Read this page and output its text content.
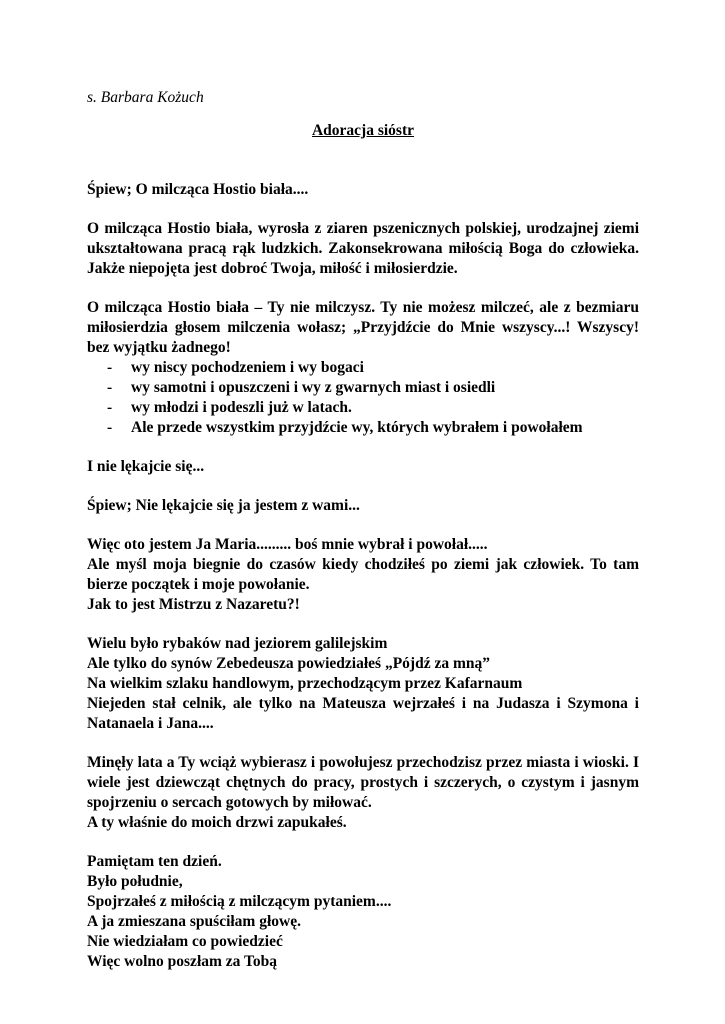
s. Barbara Kożuch

Adoracja sióstr

Śpiew; O milcząca Hostio biała....

O milcząca Hostio biała, wyrosła z ziaren pszenicznych polskiej, urodzajnej ziemi ukształtowana pracą rąk ludzkich. Zakonsekrowana miłością Boga do człowieka. Jakże niepojęta jest dobroć Twoja, miłość i miłosierdzie.

O milcząca Hostio biała – Ty nie milczysz. Ty nie możesz milczeć, ale z bezmiaru miłosierdzia głosem milczenia wołasz; „Przyjdźcie do Mnie wszyscy...! Wszyscy! bez wyjątku żadnego!

- wy niscy pochodzeniem i wy bogaci
- wy samotni i opuszczeni i wy z gwarnych miast i osiedli
- wy młodzi i podeszli już w latach.
- Ale przede wszystkim przyjdźcie wy, których wybrałem i powołałem

I nie lękajcie się...

Śpiew; Nie lękajcie się ja jestem z wami...

Więc oto jestem Ja Maria......... boś mnie wybrał i powołał.....
Ale myśl moja biegnie do czasów kiedy chodziłeś po ziemi jak człowiek. To tam bierze początek i moje powołanie.
Jak to jest Mistrzu z Nazaretu?!
Wielu było rybaków nad jeziorem galilejskim
Ale tylko do synów Zebedeusza powiedziałeś „Pójdź za mną”
Na wielkim szlaku handlowym, przechodzącym przez Kafarnaum
Niejeden stał celnik, ale tylko na Mateusza wejrzałeś i na Judasza i Szymona i Natanaela i Jana....
Minęły lata a Ty wciąż wybierasz i powołujesz przechodzisz przez miasta i wioski. I wiele jest dziewcząt chętnych do pracy, prostych i szczerych, o czystym i jasnym spojrzeniu o sercach gotowych by miłować.
A ty właśnie do moich drzwi zapukałeś.
Pamiętam ten dzień.
Było południe,
Spojrzałeś z miłością z milczącym pytaniem....
A ja zmieszana spuściłam głowę.
Nie wiedziałam co powiedzieć
Więc wolno poszłam za Tobą
